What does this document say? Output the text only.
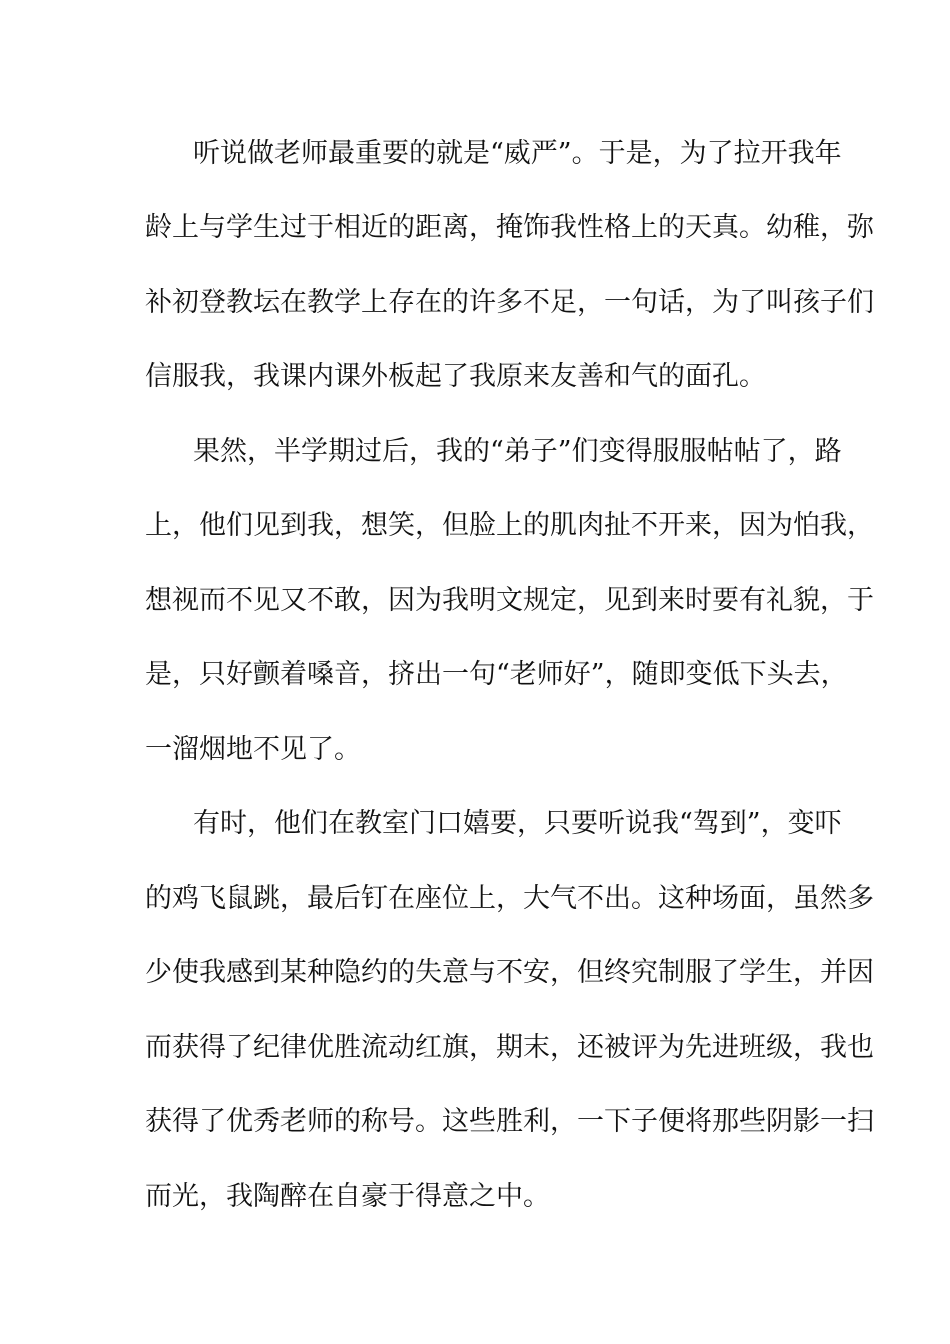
听说做老师最重要的就是“威严”。于是，为了拉开我年
龄上与学生过于相近的距离，掩饰我性格上的天真。幼稚，弥
补初登教坛在教学上存在的许多不足，一句话，为了叫孩子们
信服我，我课内课外板起了我原来友善和气的面孔。
果然，半学期过后，我的“弟子”们变得服服帖帖了，路
上，他们见到我，想笑，但脸上的肌肉扯不开来，因为怕我，
想视而不见又不敢，因为我明文规定，见到来时要有礼貌，于
是，只好颤着嗓音，挤出一句“老师好”，随即变低下头去，
一溜烟地不见了。
有时，他们在教室门口嬉要，只要听说我“驾到”，变吓
的鸡飞鼠跳，最后钉在座位上，大气不出。这种场面，虽然多
少使我感到某种隐约的失意与不安，但终究制服了学生，并因
而获得了纪律优胜流动红旗，期末，还被评为先进班级，我也
获得了优秀老师的称号。这些胜利，一下子便将那些阴影一扫
而光，我陶醉在自豪于得意之中。
